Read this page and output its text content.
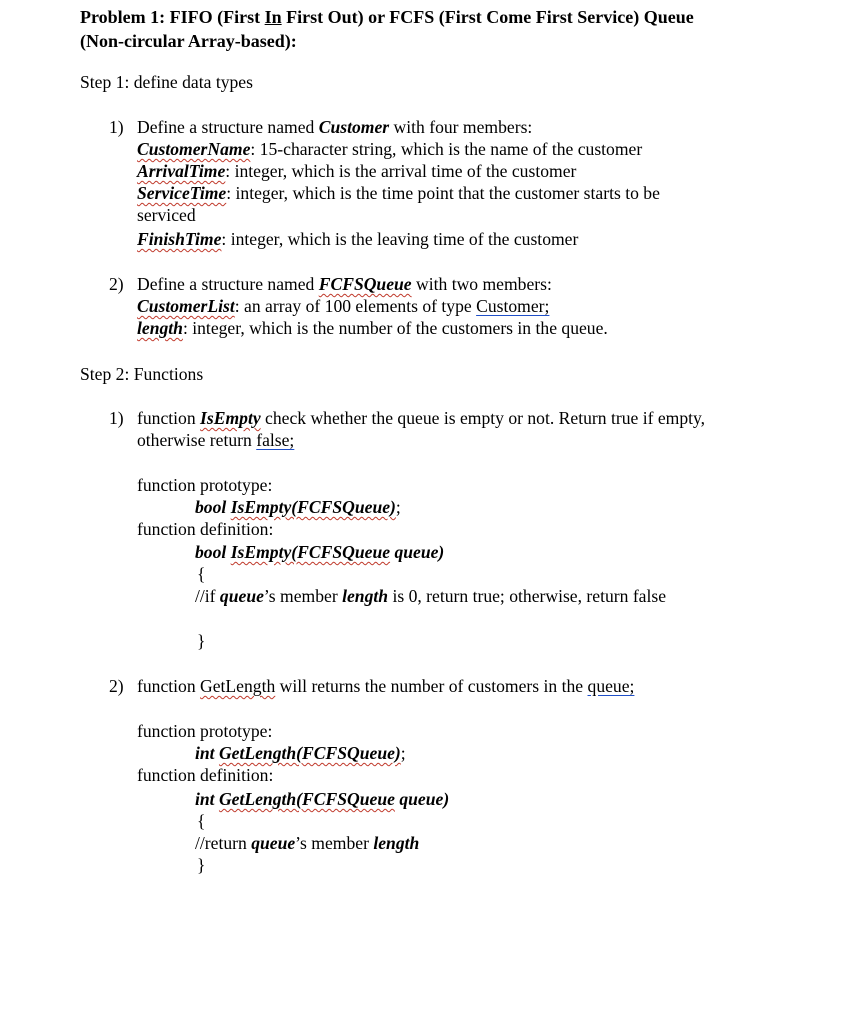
Problem 1: FIFO (First In First Out) or FCFS (First Come First Service) Queue
(Non-circular Array-based):
Step 1: define data types
1) Define a structure named Customer with four members:
CustomerName: 15-character string, which is the name of the customer
ArrivalTime: integer, which is the arrival time of the customer
ServiceTime: integer, which is the time point that the customer starts to be
serviced
FinishTime: integer, which is the leaving time of the customer
2) Define a structure named FCFSQueue with two members:
CustomerList: an array of 100 elements of type Customer;
length: integer, which is the number of the customers in the queue.
Step 2: Functions
1) function IsEmpty check whether the queue is empty or not. Return true if empty,
otherwise return false;
function prototype:
bool IsEmpty(FCFSQueue);
function definition:
bool IsEmpty(FCFSQueue queue)
{
//if queue’s member length is 0, return true; otherwise, return false
}
2) function GetLength will returns the number of customers in the queue;
function prototype:
int GetLength(FCFSQueue);
function definition:
int GetLength(FCFSQueue queue)
{
//return queue’s member length
}
